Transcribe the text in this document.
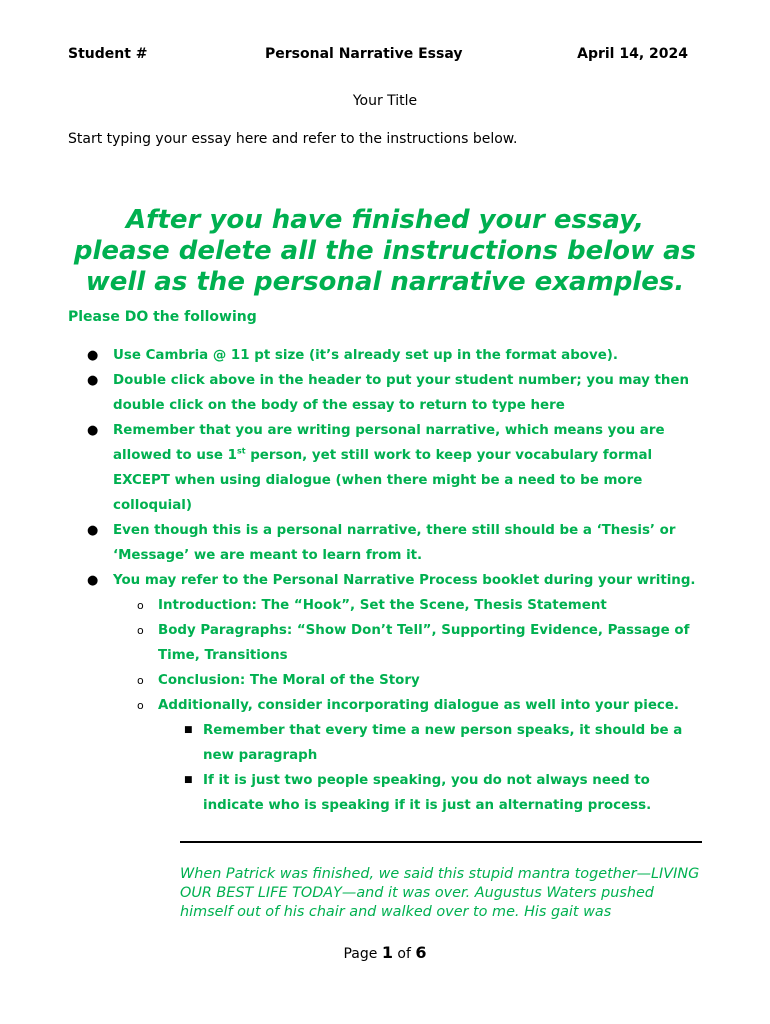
Student #	Personal Narrative Essay	April 14, 2024
Your Title
Start typing your essay here and refer to the instructions below.
After you have finished your essay,
please delete all the instructions below as
well as the personal narrative examples.
Please DO the following
● Use Cambria @ 11 pt size (it’s already set up in the format above).
● Double click above in the header to put your student number; you may then double click on the body of the essay to return to type here
● Remember that you are writing personal narrative, which means you are allowed to use 1st person, yet still work to keep your vocabulary formal EXCEPT when using dialogue (when there might be a need to be more colloquial)
● Even though this is a personal narrative, there still should be a ‘Thesis’ or ‘Message’ we are meant to learn from it.
● You may refer to the Personal Narrative Process booklet during your writing.
o Introduction: The “Hook”, Set the Scene, Thesis Statement
o Body Paragraphs: “Show Don’t Tell”, Supporting Evidence, Passage of Time, Transitions
o Conclusion: The Moral of the Story
o Additionally, consider incorporating dialogue as well into your piece.
■ Remember that every time a new person speaks, it should be a new paragraph
■ If it is just two people speaking, you do not always need to indicate who is speaking if it is just an alternating process.
When Patrick was finished, we said this stupid mantra together—LIVING OUR BEST LIFE TODAY—and it was over. Augustus Waters pushed himself out of his chair and walked over to me. His gait was
Page 1 of 6
